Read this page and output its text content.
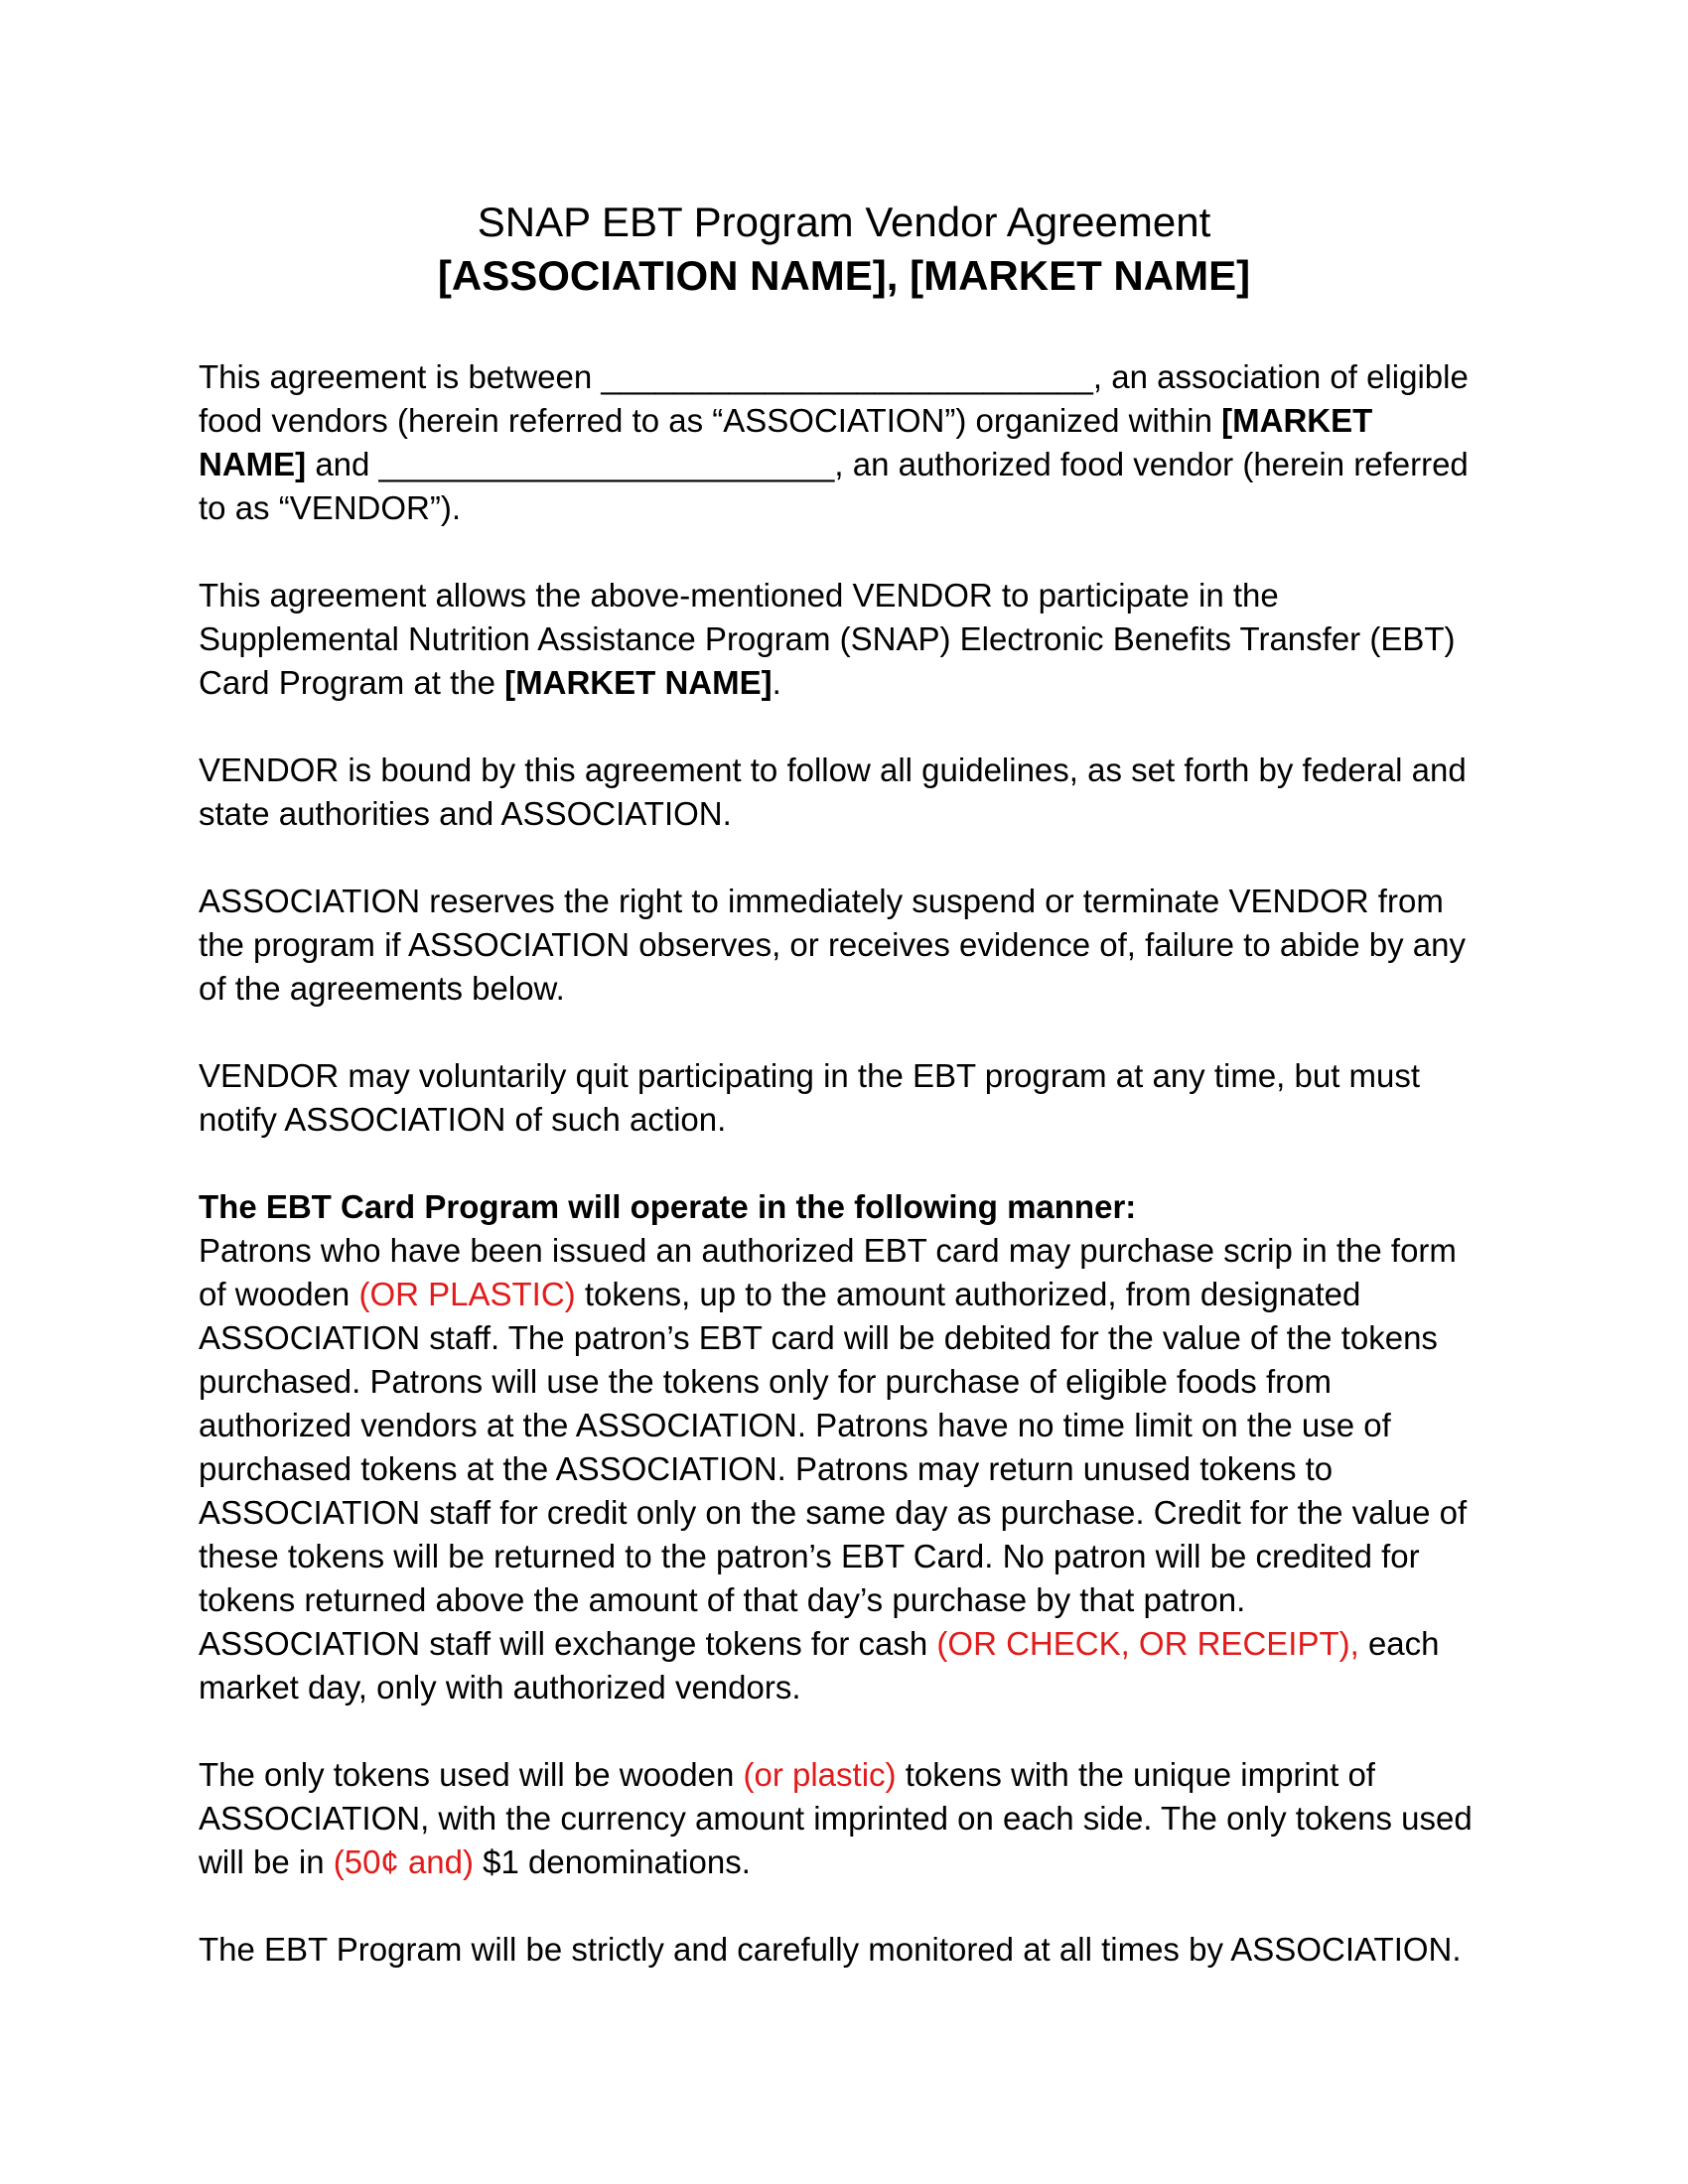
SNAP EBT Program Vendor Agreement
[ASSOCIATION NAME], [MARKET NAME]

This agreement is between ___________________________, an association of eligible
food vendors (herein referred to as “ASSOCIATION”) organized within [MARKET
NAME] and _________________________, an authorized food vendor (herein referred
to as “VENDOR”).

This agreement allows the above-mentioned VENDOR to participate in the
Supplemental Nutrition Assistance Program (SNAP) Electronic Benefits Transfer (EBT)
Card Program at the [MARKET NAME].

VENDOR is bound by this agreement to follow all guidelines, as set forth by federal and
state authorities and ASSOCIATION.

ASSOCIATION reserves the right to immediately suspend or terminate VENDOR from
the program if ASSOCIATION observes, or receives evidence of, failure to abide by any
of the agreements below.

VENDOR may voluntarily quit participating in the EBT program at any time, but must
notify ASSOCIATION of such action.

The EBT Card Program will operate in the following manner:
Patrons who have been issued an authorized EBT card may purchase scrip in the form
of wooden (OR PLASTIC) tokens, up to the amount authorized, from designated
ASSOCIATION staff. The patron’s EBT card will be debited for the value of the tokens
purchased. Patrons will use the tokens only for purchase of eligible foods from
authorized vendors at the ASSOCIATION. Patrons have no time limit on the use of
purchased tokens at the ASSOCIATION. Patrons may return unused tokens to
ASSOCIATION staff for credit only on the same day as purchase. Credit for the value of
these tokens will be returned to the patron’s EBT Card. No patron will be credited for
tokens returned above the amount of that day’s purchase by that patron.
ASSOCIATION staff will exchange tokens for cash (OR CHECK, OR RECEIPT), each
market day, only with authorized vendors.

The only tokens used will be wooden (or plastic) tokens with the unique imprint of
ASSOCIATION, with the currency amount imprinted on each side. The only tokens used
will be in (50¢ and) $1 denominations.

The EBT Program will be strictly and carefully monitored at all times by ASSOCIATION.
